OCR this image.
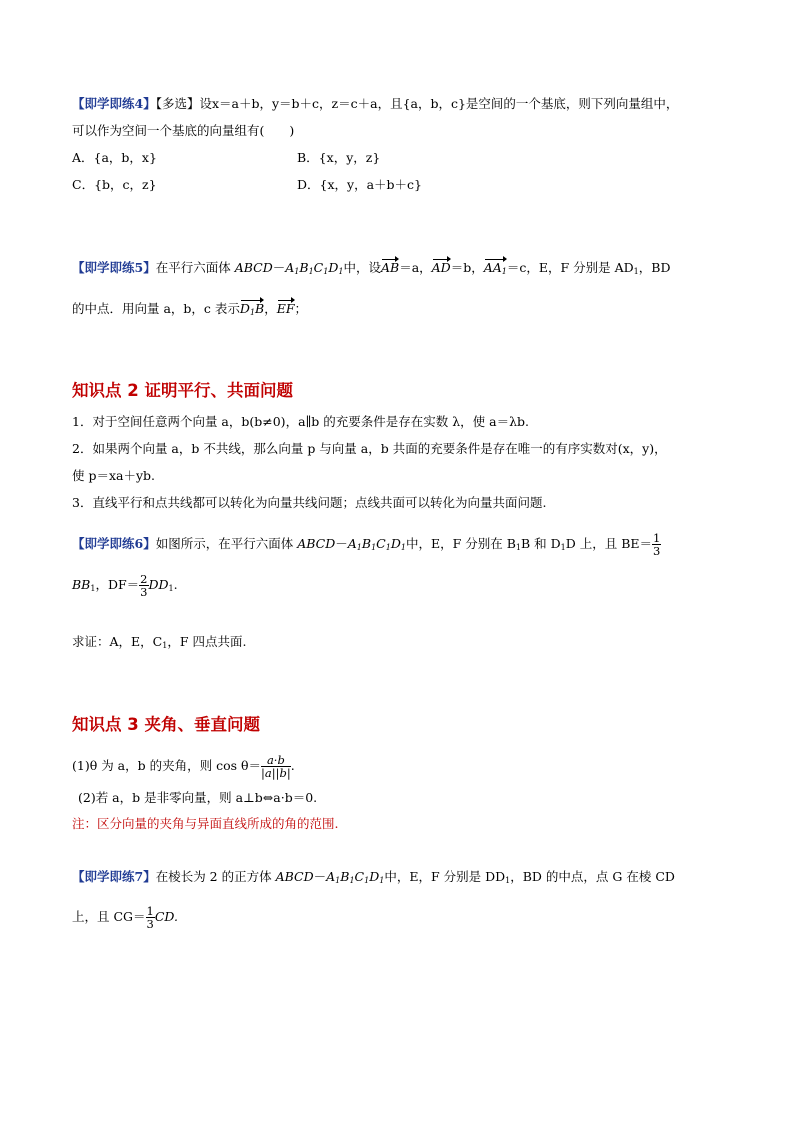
【即学即练4】【多选】设x＝a＋b，y＝b＋c，z＝c＋a，且{a，b，c}是空间的一个基底，则下列向量组中，
可以作为空间一个基底的向量组有(　　)
A．{a，b，x}	B．{x，y，z}
C．{b，c，z}	D．{x，y，a＋b＋c}
【即学即练5】在平行六面体 $ABCD-A_1B_1C_1D_1$中，设AB＝a，AD＝b，$AA_1=c$，E，F 分别是 $AD_1$，BD
的中点．用向量 a，b，c 表示$D_1B$，EF；
知识点 2 证明平行、共面问题
1．对于空间任意两个向量 a，b(b≠0)，a∥b 的充要条件是存在实数 λ，使 a＝λb.
2．如果两个向量 a，b 不共线，那么向量 p 与向量 a，b 共面的充要条件是存在唯一的有序实数对(x，y)，
使 p＝xa＋yb.
3．直线平行和点共线都可以转化为向量共线问题；点线共面可以转化为向量共面问题.
【即学即练6】如图所示，在平行六面体 $ABCD-A_1B_1C_1D_1$中，E，F 分别在 $B_1B$ 和 $D_1D$ 上，且 $BE= \frac{1}{3}$
$BB_1$，$DF= \frac{2}{3} DD_1$.
求证：A，E，$C_1$，F 四点共面.
知识点 3 夹角、垂直问题
(1)θ 为 a，b 的夹角，则 $\cos \theta= \frac{a\cdot b}{|a||b|}$ .
(2)若 a，b 是非零向量，则 a⊥b⇔a·b＝0.
注：区分向量的夹角与异面直线所成的角的范围.
【即学即练7】在棱长为 2 的正方体 $ABCD-A_1B_1C_1D_1$中，E，F 分别是 $DD_1$，BD 的中点，点 G 在棱 CD
上，且 $CG= \frac{1}{3}$ CD.
